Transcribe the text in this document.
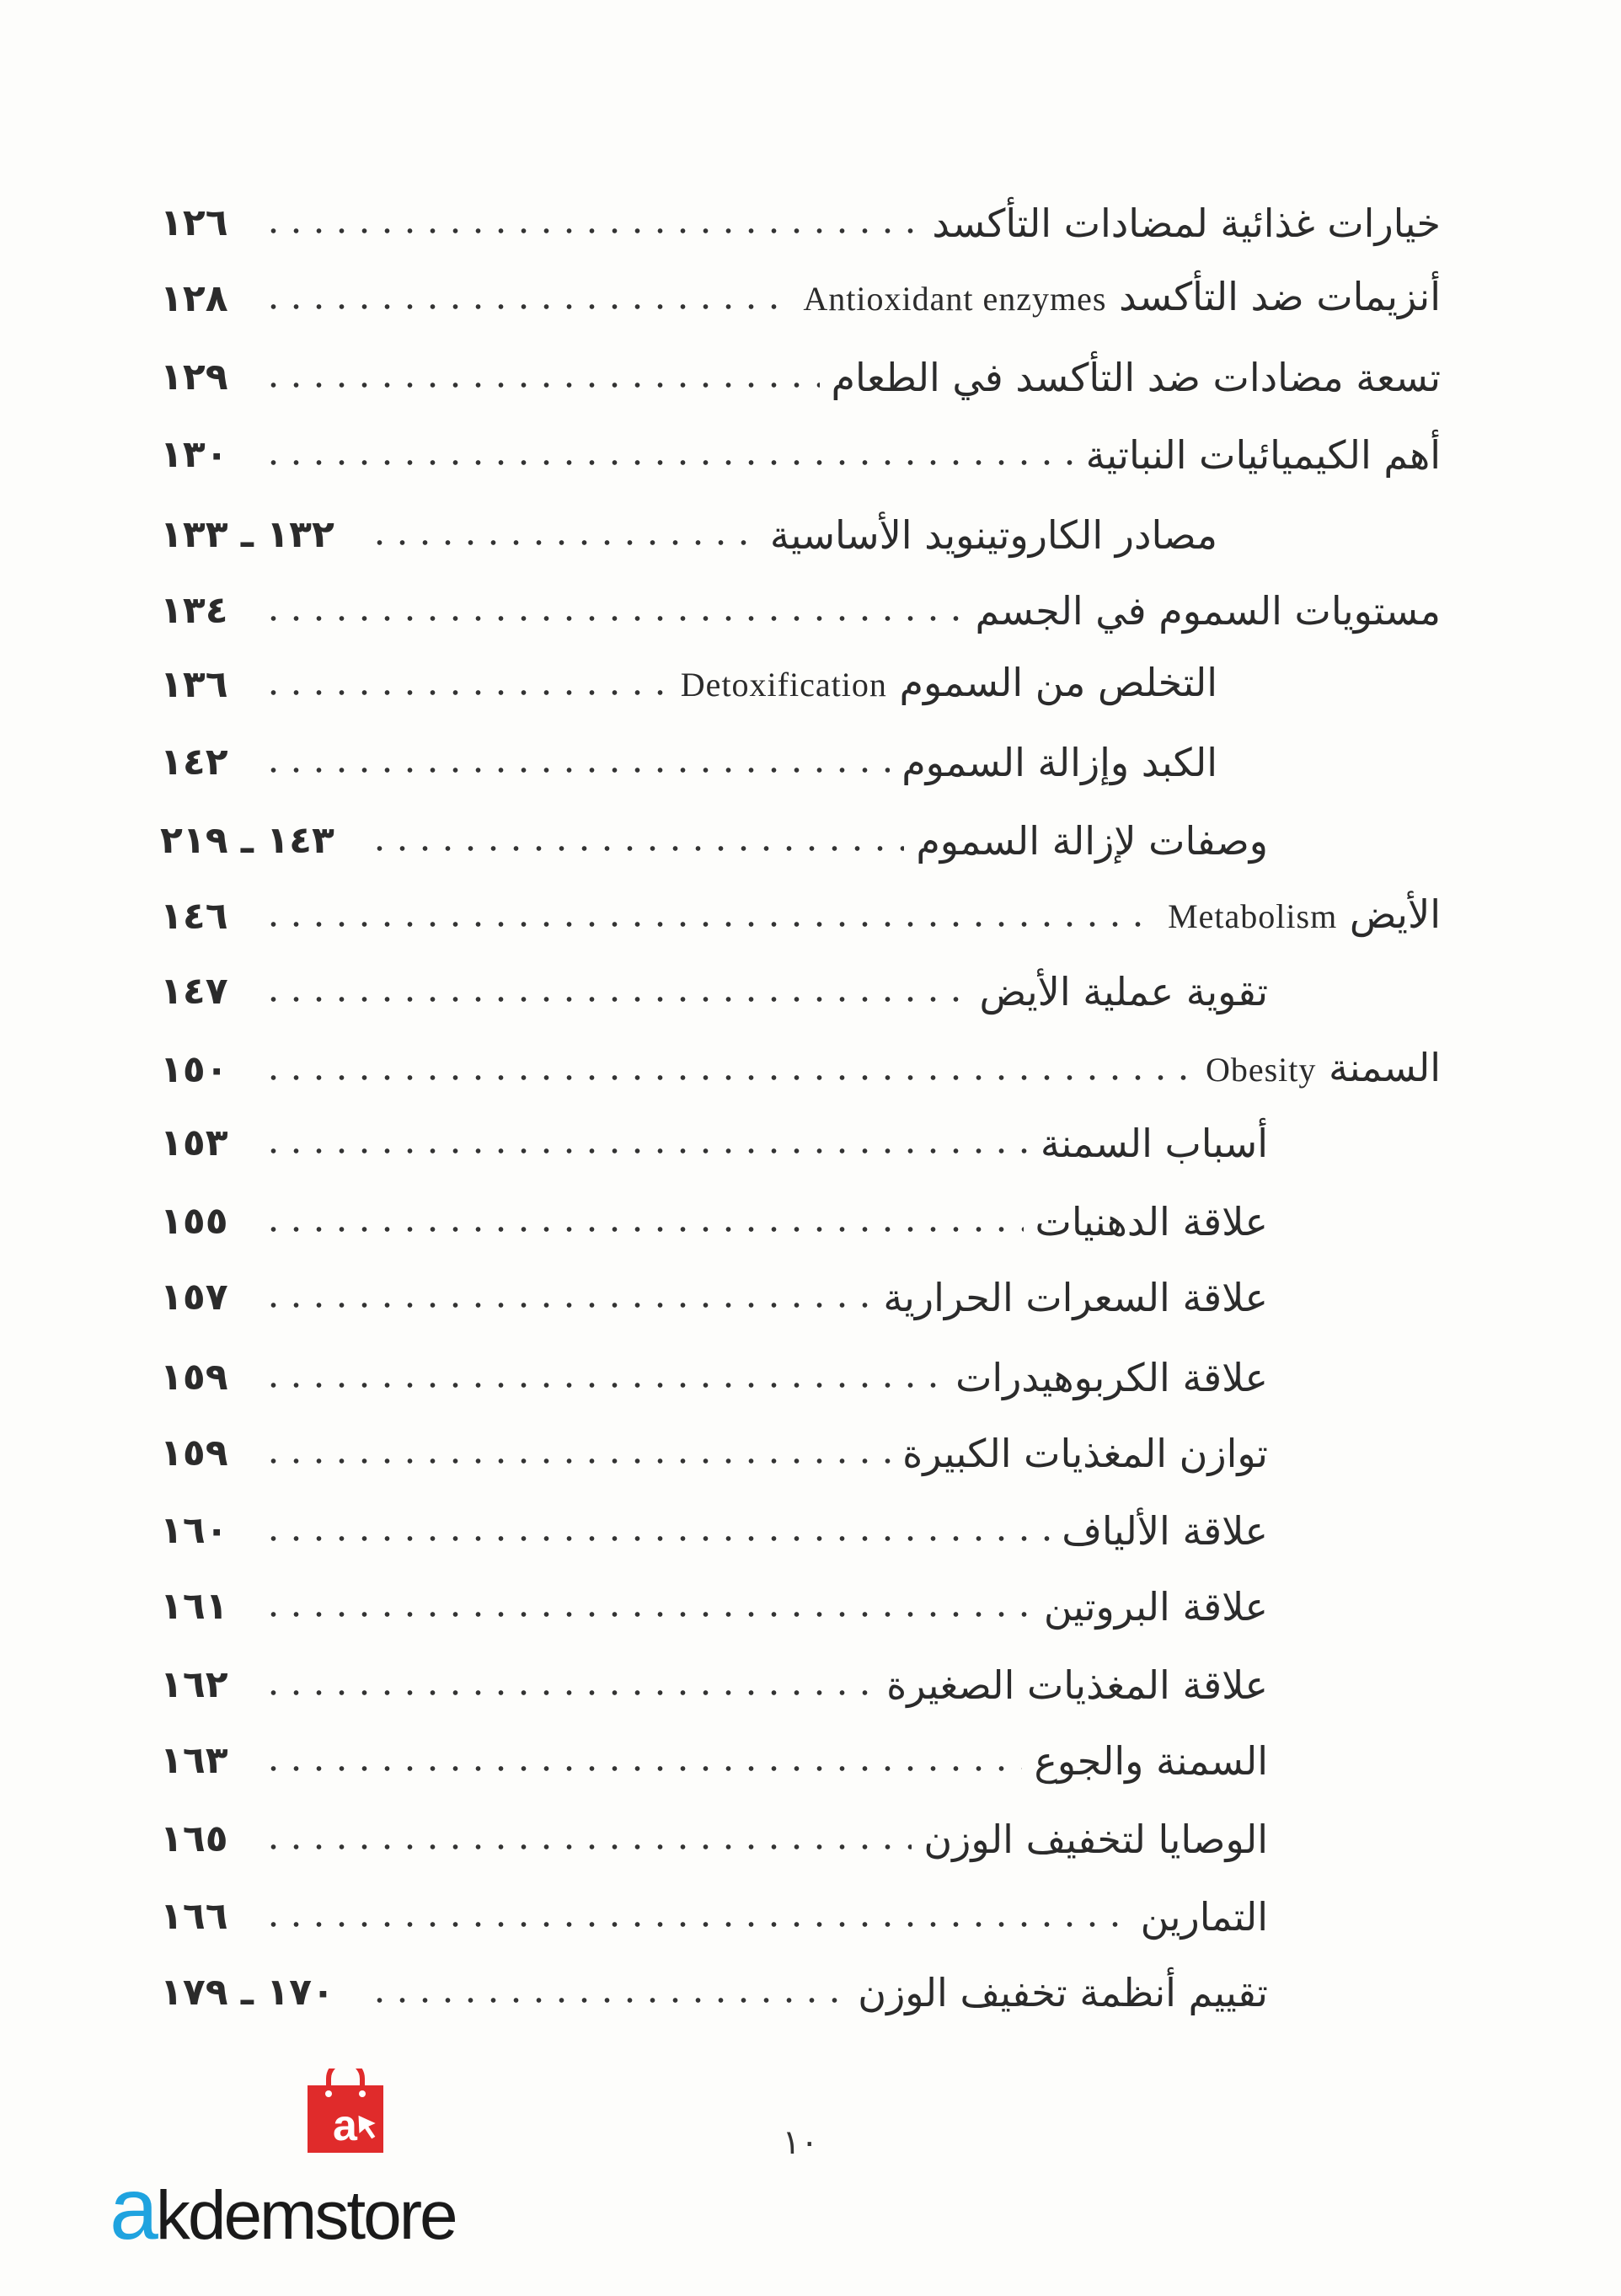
خيارات غذائية لمضادات التأكسد
١٢٦
أنزيمات ضد التأكسد Antioxidant enzymes
١٢٨
تسعة مضادات ضد التأكسد في الطعام
١٢٩
أهم الكيميائيات النباتية
١٣٠
مصادر الكاروتينويد الأساسية
١٣٢ ـ ١٣٣
مستويات السموم في الجسم
١٣٤
التخلص من السموم Detoxification
١٣٦
الكبد وإزالة السموم
١٤٢
وصفات لإزالة السموم
١٤٣ ـ ٢١٩
الأيض Metabolism
١٤٦
تقوية عملية الأيض
١٤٧
السمنة Obesity
١٥٠
أسباب السمنة
١٥٣
علاقة الدهنيات
١٥٥
علاقة السعرات الحرارية
١٥٧
علاقة الكربوهيدرات
١٥٩
توازن المغذيات الكبيرة
١٥٩
علاقة الألياف
١٦٠
علاقة البروتين
١٦١
علاقة المغذيات الصغيرة
١٦٢
السمنة والجوع
١٦٣
الوصايا لتخفيف الوزن
١٦٥
التمارين
١٦٦
تقييم أنظمة تخفيف الوزن
١٧٠ ـ ١٧٩
١٠
a
akdemstore
